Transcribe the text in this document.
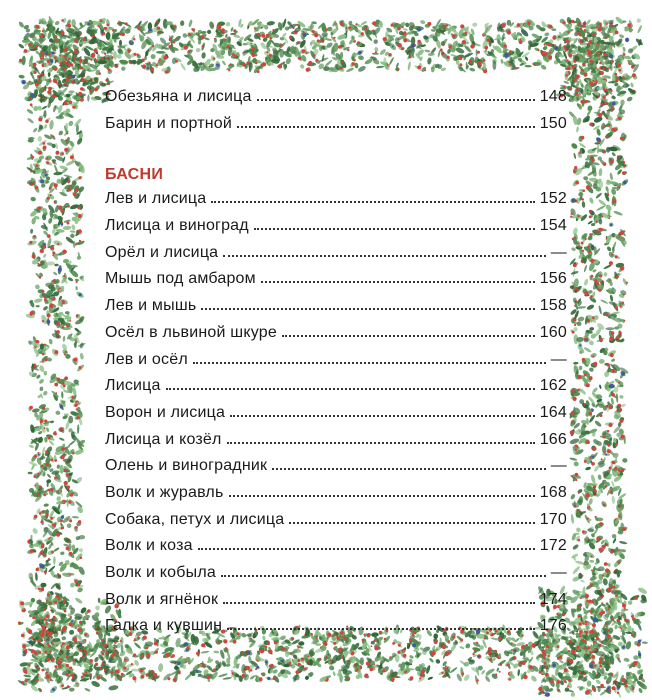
Обезьяна и лисица	148
Барин и портной	150
БАСНИ
Лев и лисица	152
Лисица и виноград	154
Орёл и лисица	—
Мышь под амбаром	156
Лев и мышь	158
Осёл в львиной шкуре	160
Лев и осёл	—
Лисица	162
Ворон и лисица	164
Лисица и козёл	166
Олень и виноградник	—
Волк и журавль	168
Собака, петух и лисица	170
Волк и коза	172
Волк и кобыла	—
Волк и ягнёнок	174
Галка и кувшин	176
